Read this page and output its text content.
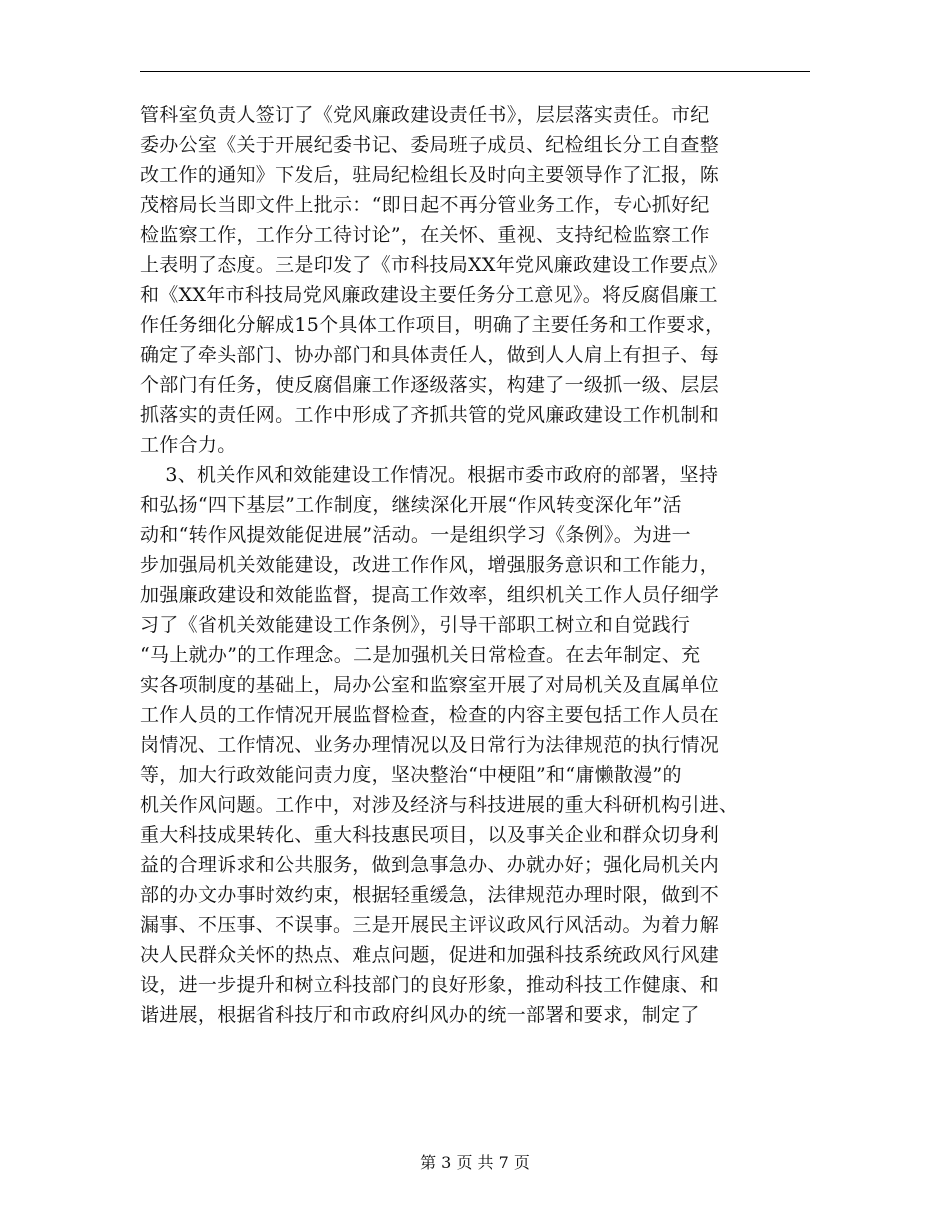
管科室负责人签订了《党风廉政建设责任书》，层层落实责任。市纪
委办公室《关于开展纪委书记、委局班子成员、纪检组长分工自查整
改工作的通知》下发后，驻局纪检组长及时向主要领导作了汇报，陈
茂榕局长当即文件上批示：“即日起不再分管业务工作，专心抓好纪
检监察工作，工作分工待讨论”，在关怀、重视、支持纪检监察工作
上表明了态度。三是印发了《市科技局XX年党风廉政建设工作要点》
和《XX年市科技局党风廉政建设主要任务分工意见》。将反腐倡廉工
作任务细化分解成15个具体工作项目，明确了主要任务和工作要求，
确定了牵头部门、协办部门和具体责任人，做到人人肩上有担子、每
个部门有任务，使反腐倡廉工作逐级落实，构建了一级抓一级、层层
抓落实的责任网。工作中形成了齐抓共管的党风廉政建设工作机制和
工作合力。
3、机关作风和效能建设工作情况。根据市委市政府的部署，坚持
和弘扬“四下基层”工作制度，继续深化开展“作风转变深化年”活
动和“转作风提效能促进展”活动。一是组织学习《条例》。为进一
步加强局机关效能建设，改进工作作风，增强服务意识和工作能力，
加强廉政建设和效能监督，提高工作效率，组织机关工作人员仔细学
习了《省机关效能建设工作条例》，引导干部职工树立和自觉践行
“马上就办”的工作理念。二是加强机关日常检查。在去年制定、充
实各项制度的基础上，局办公室和监察室开展了对局机关及直属单位
工作人员的工作情况开展监督检查，检查的内容主要包括工作人员在
岗情况、工作情况、业务办理情况以及日常行为法律规范的执行情况
等，加大行政效能问责力度，坚决整治“中梗阻”和“庸懒散漫”的
机关作风问题。工作中，对涉及经济与科技进展的重大科研机构引进、
重大科技成果转化、重大科技惠民项目，以及事关企业和群众切身利
益的合理诉求和公共服务，做到急事急办、办就办好；强化局机关内
部的办文办事时效约束，根据轻重缓急，法律规范办理时限，做到不
漏事、不压事、不误事。三是开展民主评议政风行风活动。为着力解
决人民群众关怀的热点、难点问题，促进和加强科技系统政风行风建
设，进一步提升和树立科技部门的良好形象，推动科技工作健康、和
谐进展，根据省科技厅和市政府纠风办的统一部署和要求，制定了
第 3 页 共 7 页
